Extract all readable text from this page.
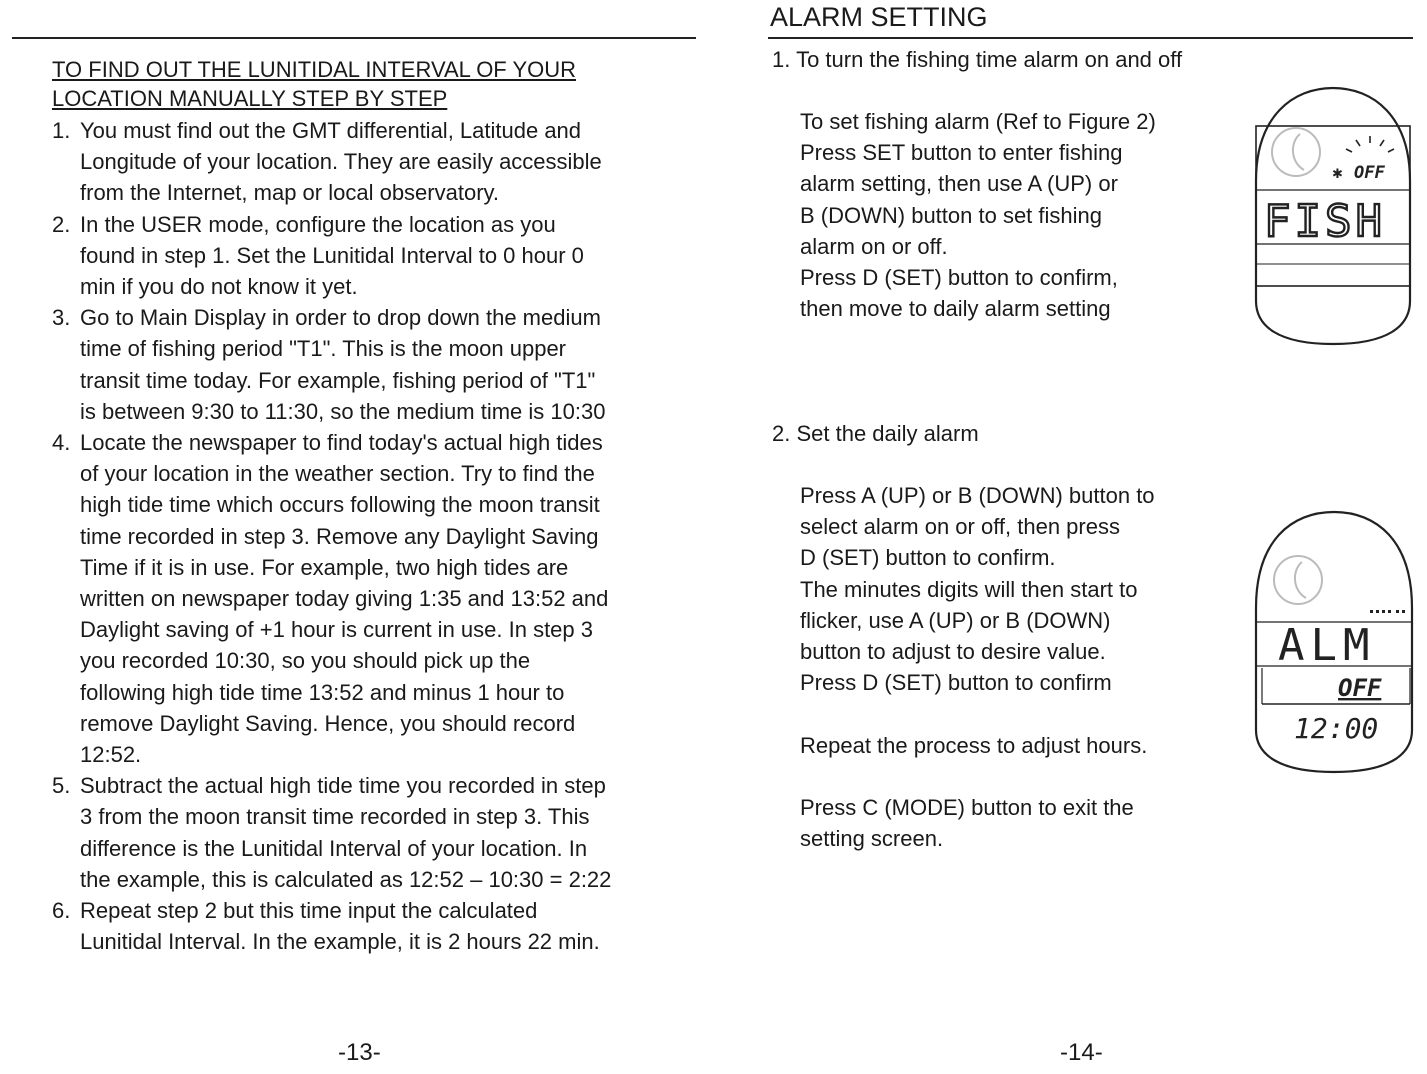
TO FIND OUT THE LUNITIDAL INTERVAL OF YOUR
LOCATION MANUALLY STEP BY STEP
1. You must find out the GMT differential, Latitude and
Longitude of your location. They are easily accessible
from the Internet, map or local observatory.
2. In the USER mode, configure the location as you
found in step 1. Set the Lunitidal Interval to 0 hour 0
min if you do not know it yet.
3. Go to Main Display in order to drop down the medium
time of fishing period "T1". This is the moon upper
transit time today. For example, fishing period of "T1"
is between 9:30 to 11:30, so the medium time is 10:30
4. Locate the newspaper to find today's actual high tides
of your location in the weather section. Try to find the
high tide time which occurs following the moon transit
time recorded in step 3. Remove any Daylight Saving
Time if it is in use. For example, two high tides are
written on newspaper today giving 1:35 and 13:52 and
Daylight saving of +1 hour is current in use. In step 3
you recorded 10:30, so you should pick up the
following high tide time 13:52 and minus 1 hour to
remove Daylight Saving. Hence, you should record
12:52.
5. Subtract the actual high tide time you recorded in step
3 from the moon transit time recorded in step 3. This
difference is the Lunitidal Interval of your location. In
the example, this is calculated as 12:52 – 10:30 = 2:22
6. Repeat step 2 but this time input the calculated
Lunitidal Interval. In the example, it is 2 hours 22 min.
-13-
ALARM SETTING
1. To turn the fishing time alarm on and off
To set fishing alarm (Ref to Figure 2)
Press SET button to enter fishing
alarm setting, then use A (UP) or
B (DOWN) button to set fishing
alarm on or off.
Press D (SET) button to confirm,
then move to daily alarm setting
2. Set the daily alarm
Press A (UP) or B (DOWN) button to
select alarm on or off, then press
D (SET) button to confirm.
The minutes digits will then start to
flicker, use A (UP) or B (DOWN)
button to adjust to desire value.
Press D (SET) button to confirm
Repeat the process to adjust hours.
Press C (MODE) button to exit the
setting screen.
-14-
✱ OFF
FISH
ALM
OFF
12:00
